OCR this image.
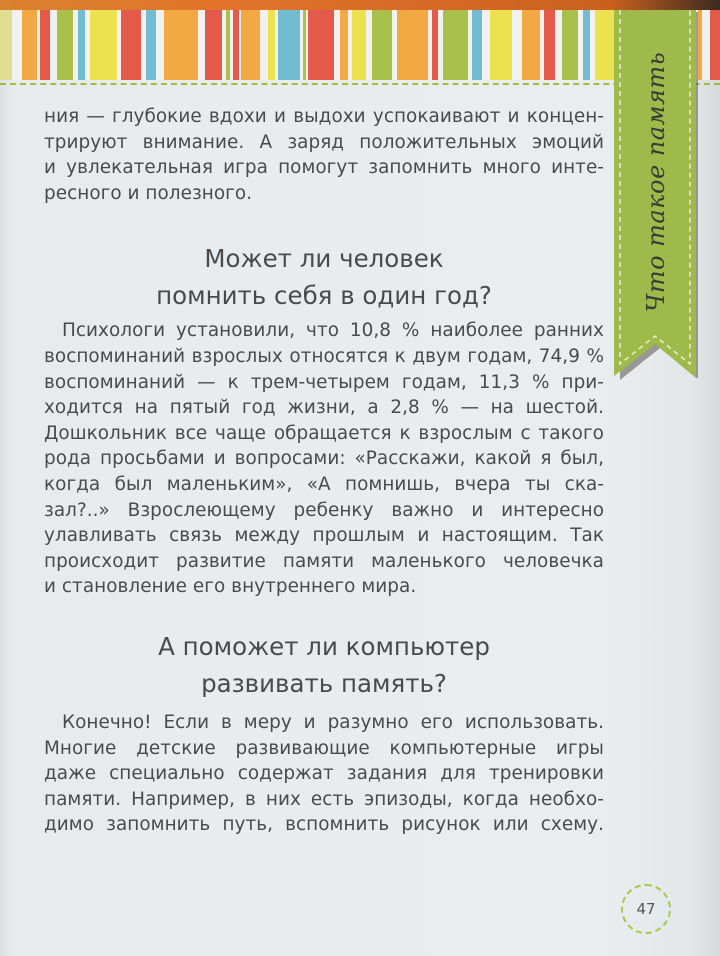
Что такое память

ния — глубокие вдохи и выдохи успокаивают и концен-
трируют внимание. А заряд положительных эмоций
и увлекательная игра помогут запомнить много инте-
ресного и полезного.

Может ли человек
помнить себя в один год?

Психологи установили, что 10,8 % наиболее ранних
воспоминаний взрослых относятся к двум годам, 74,9 %
воспоминаний — к трем-четырем годам, 11,3 % при-
ходится на пятый год жизни, а 2,8 % — на шестой.
Дошкольник все чаще обращается к взрослым с такого
рода просьбами и вопросами: «Расскажи, какой я был,
когда был маленьким», «А помнишь, вчера ты ска-
зал?..» Взрослеющему ребенку важно и интересно
улавливать связь между прошлым и настоящим. Так
происходит развитие памяти маленького человечка
и становление его внутреннего мира.

А поможет ли компьютер
развивать память?

Конечно! Если в меру и разумно его использовать.
Многие детские развивающие компьютерные игры
даже специально содержат задания для тренировки
памяти. Например, в них есть эпизоды, когда необхо-
димо запомнить путь, вспомнить рисунок или схему.

47
